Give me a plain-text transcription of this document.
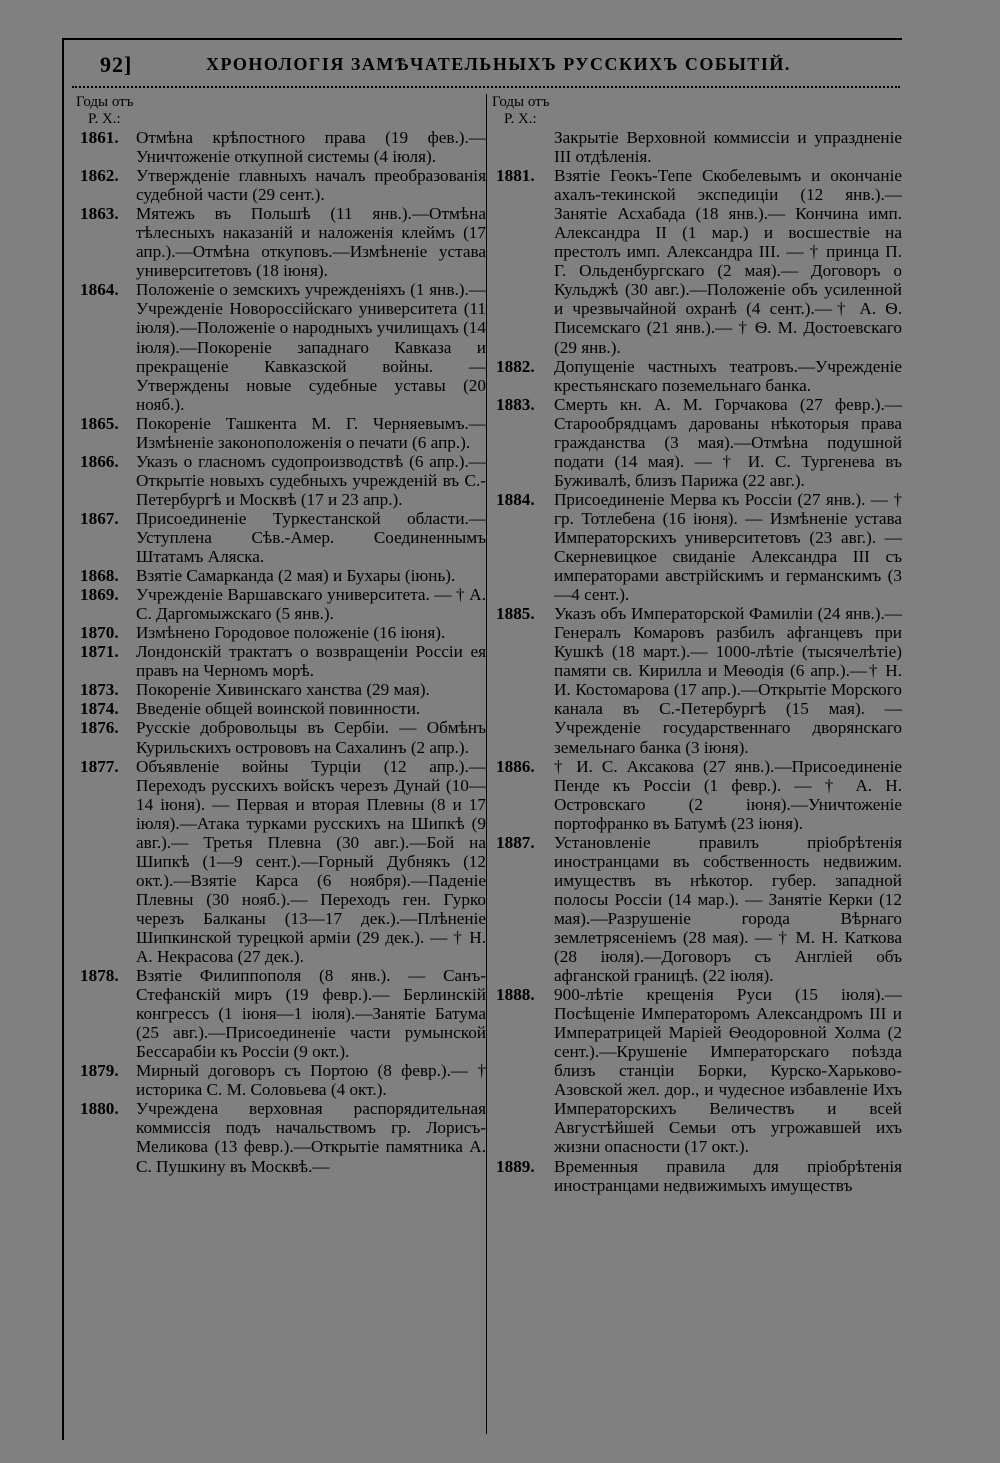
92]	ХРОНОЛОГІЯ ЗАМѢЧАТЕЛЬНЫХЪ РУССКИХЪ СОБЫТІЙ.
Годы отъ
Р. Х.:
1861.	Отмѣна крѣпостного права (19 фев.).— Уничтоженіе откупной системы (4 іюля).
1862.	Утвержденіе главныхъ началъ преобразованія судебной части (29 сент.).
1863.	Мятежъ въ Польшѣ (11 янв.).—Отмѣна тѣлесныхъ наказаній и наложенія клеймъ (17 апр.).—Отмѣна откуповъ.—Измѣненіе устава университетовъ (18 іюня).
1864.	Положеніе о земскихъ учрежденіяхъ (1 янв.).—Учрежденіе Новороссійскаго университета (11 іюля).—Положеніе о народныхъ училищахъ (14 іюля).—Покореніе западнаго Кавказа и прекращеніе Кавказской войны. — Утверждены новые судебные уставы (20 нояб.).
1865.	Покореніе Ташкента М. Г. Черняевымъ.—Измѣненіе законоположенія о печати (6 апр.).
1866.	Указъ о гласномъ судопроизводствѣ (6 апр.).— Открытіе новыхъ судебныхъ учрежденій въ С.-Петербургѣ и Москвѣ (17 и 23 апр.).
1867.	Присоединеніе Туркестанской области.—Уступлена Сѣв.-Амер. Соединеннымъ Штатамъ Аляска.
1868.	Взятіе Самарканда (2 мая) и Бухары (іюнь).
1869.	Учрежденіе Варшавскаго университета. — † А. С. Даргомыжскаго (5 янв.).
1870.	Измѣнено Городовое положеніе (16 іюня).
1871.	Лондонскій трактатъ о возвращеніи Россіи ея правъ на Черномъ морѣ.
1873.	Покореніе Хивинскаго ханства (29 мая).
1874.	Введеніе общей воинской повинности.
1876.	Русскіе добровольцы въ Сербіи. — Обмѣнъ Курильскихъ острововъ на Сахалинъ (2 апр.).
1877.	Объявленіе войны Турціи (12 апр.).— Переходъ русскихъ войскъ черезъ Дунай (10— 14 іюня). — Первая и вторая Плевны (8 и 17 іюля).—Атака турками русскихъ на Шипкѣ (9 авг.).— Третья Плевна (30 авг.).—Бой на Шипкѣ (1—9 сент.).—Горный Дубнякъ (12 окт.).—Взятіе Карса (6 ноября).—Паденіе Плевны (30 нояб.).— Переходъ ген. Гурко черезъ Балканы (13—17 дек.).—Плѣненіе Шипкинской турецкой арміи (29 дек.). — † Н. А. Некрасова (27 дек.).
1878.	Взятіе Филиппополя (8 янв.). — Санъ-Стефанскій миръ (19 февр.).— Берлинскій конгрессъ (1 іюня—1 іюля).—Занятіе Батума (25 авг.).—Присоединеніе части румынской Бессарабіи къ Россіи (9 окт.).
1879.	Мирный договоръ съ Портою (8 февр.).— † историка С. М. Соловьева (4 окт.).
1880.	Учреждена верховная распорядительная коммиссія подъ начальствомъ гр. Лорисъ-Меликова (13 февр.).—Открытіе памятника А. С. Пушкину въ Москвѣ.—
Годы отъ
Р. Х.:
Закрытіе Верховной коммиссіи и упраздненіе III отдѣленія.
1881.	Взятіе Геокъ-Тепе Скобелевымъ и окончаніе ахалъ-текинской экспедиціи (12 янв.).—Занятіе Асхабада (18 янв.).— Кончина имп. Александра II (1 мар.) и восшествіе на престолъ имп. Александра III. — † принца П. Г. Ольденбургскаго (2 мая).— Договоръ о Кульджѣ (30 авг.).—Положеніе объ усиленной и чрезвычайной охранѣ (4 сент.).—† А. Ѳ. Писемскаго (21 янв.).— † Ѳ. М. Достоевскаго (29 янв.).
1882.	Допущеніе частныхъ театровъ.—Учрежденіе крестьянскаго поземельнаго банка.
1883.	Смерть кн. А. М. Горчакова (27 февр.).— Старообрядцамъ дарованы нѣкоторыя права гражданства (3 мая).—Отмѣна подушной подати (14 мая). — † И. С. Тургенева въ Буживалѣ, близъ Парижа (22 авг.).
1884.	Присоединеніе Мерва къ Россіи (27 янв.). — † гр. Тотлебена (16 іюня). — Измѣненіе устава Императорскихъ университетовъ (23 авг.). — Скерневицкое свиданіе Александра III съ императорами австрійскимъ и германскимъ (3—4 сент.).
1885.	Указъ объ Императорской Фамиліи (24 янв.).—Генералъ Комаровъ разбилъ афганцевъ при Кушкѣ (18 март.).— 1000-лѣтіе (тысячелѣтіе) памяти св. Кирилла и Меѳодія (6 апр.).—† Н. И. Костомарова (17 апр.).—Открытіе Морского канала въ С.-Петербургѣ (15 мая). — Учрежденіе государственнаго дворянскаго земельнаго банка (3 іюня).
1886.	† И. С. Аксакова (27 янв.).—Присоединеніе Пенде къ Россіи (1 февр.). — † А. Н. Островскаго (2 іюня).—Уничтоженіе портофранко въ Батумѣ (23 іюня).
1887.	Установленіе правилъ пріобрѣтенія иностранцами въ собственность недвижим. имуществъ въ нѣкотор. губер. западной полосы Россіи (14 мар.). — Занятіе Керки (12 мая).—Разрушеніе города Вѣрнаго землетрясеніемъ (28 мая). — † М. Н. Каткова (28 іюля).—Договоръ съ Англіей объ афганской границѣ. (22 іюля).
1888.	900-лѣтіе крещенія Руси (15 іюля).— Посѣщеніе Императоромъ Александромъ III и Императрицей Маріей Ѳеодоровной Холма (2 сент.).—Крушеніе Императорскаго поѣзда близъ станціи Борки, Курско-Харьково-Азовской жел. дор., и чудесное избавленіе Ихъ Императорскихъ Величествъ и всей Августѣйшей Семьи отъ угрожавшей ихъ жизни опасности (17 окт.).
1889.	Временныя правила для пріобрѣтенія иностранцами недвижимыхъ имуществъ
